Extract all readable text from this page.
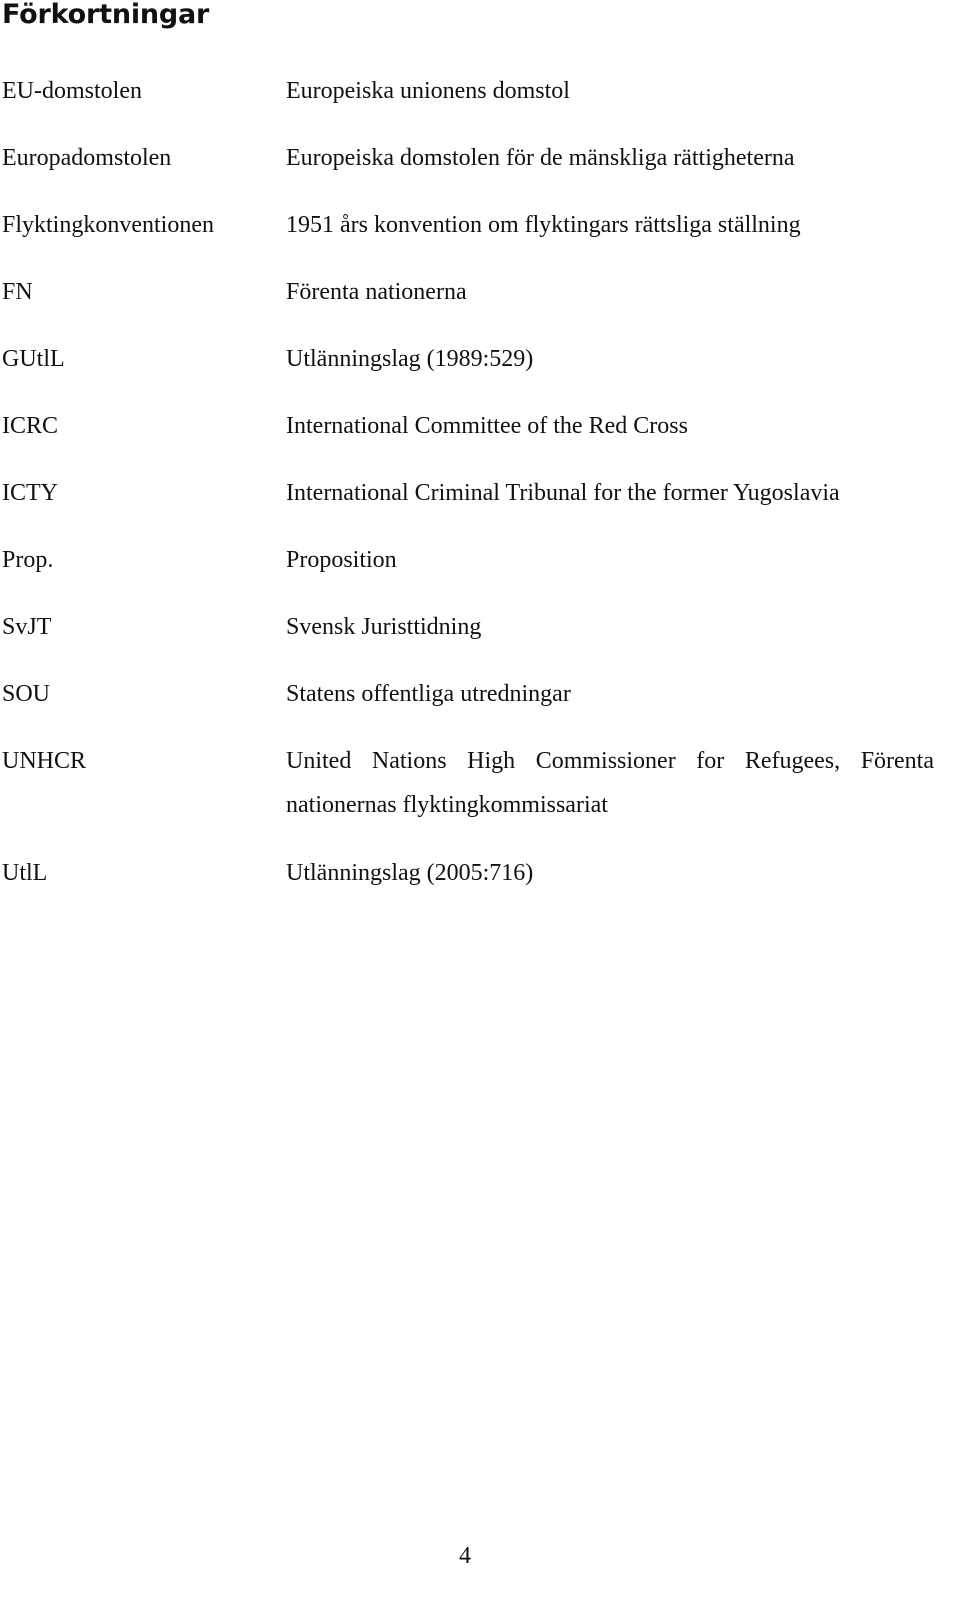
Förkortningar
EU-domstolen	Europeiska unionens domstol
Europadomstolen	Europeiska domstolen för de mänskliga rättigheterna
Flyktingkonventionen	1951 års konvention om flyktingars rättsliga ställning
FN	Förenta nationerna
GUtlL	Utlänningslag (1989:529)
ICRC	International Committee of the Red Cross
ICTY	International Criminal Tribunal for the former Yugoslavia
Prop.	Proposition
SvJT	Svensk Juristtidning
SOU	Statens offentliga utredningar
UNHCR	United Nations High Commissioner for Refugees, Förenta nationernas flyktingkommissariat
UtlL	Utlänningslag (2005:716)
4
